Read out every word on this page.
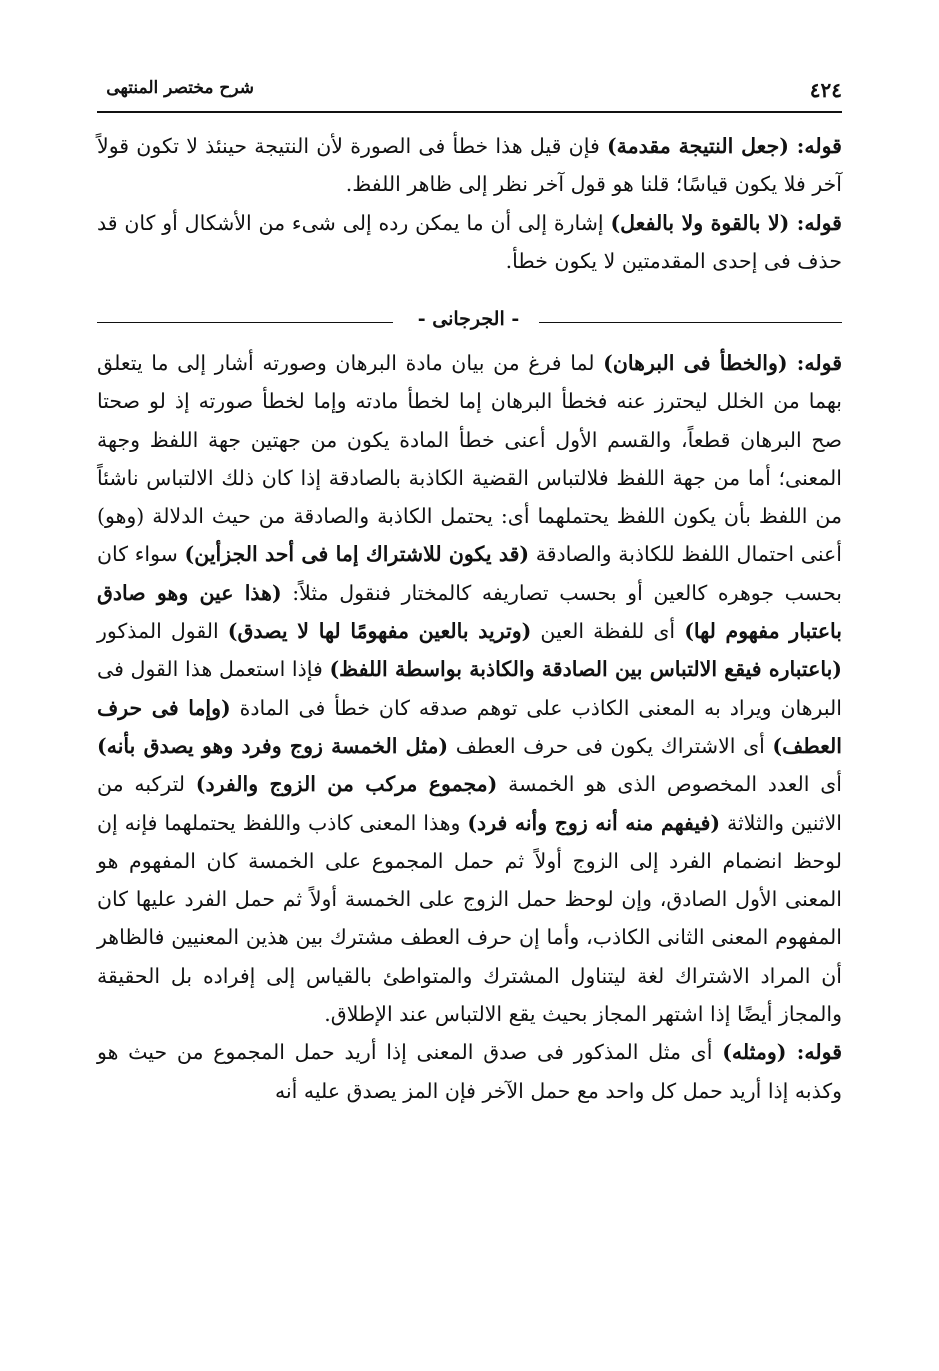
٤٢٤
شرح مختصر المنتهى

قوله: (جعل النتيجة مقدمة) فإن قيل هذا خطأ فى الصورة لأن النتيجة حينئذ لا تكون قولاً آخر فلا يكون قياسًا؛ قلنا هو قول آخر نظر إلى ظاهر اللفظ.

قوله: (لا بالقوة ولا بالفعل) إشارة إلى أن ما يمكن رده إلى شىء من الأشكال أو كان قد حذف فى إحدى المقدمتين لا يكون خطأ.

- الجرجانى -

قوله: (والخطأ فى البرهان) لما فرغ من بيان مادة البرهان وصورته أشار إلى ما يتعلق بهما من الخلل ليحترز عنه فخطأ البرهان إما لخطأ مادته وإما لخطأ صورته إذ لو صحتا صح البرهان قطعاً، والقسم الأول أعنى خطأ المادة يكون من جهتين جهة اللفظ وجهة المعنى؛ أما من جهة اللفظ فلالتباس القضية الكاذبة بالصادقة إذا كان ذلك الالتباس ناشئاً من اللفظ بأن يكون اللفظ يحتملهما أى: يحتمل الكاذبة والصادقة من حيث الدلالة (وهو) أعنى احتمال اللفظ للكاذبة والصادقة (قد يكون للاشتراك إما فى أحد الجزأين) سواء كان بحسب جوهره كالعين أو بحسب تصاريفه كالمختار فنقول مثلاً: (هذا عين وهو صادق باعتبار مفهوم لها) أى للفظة العين (وتريد بالعين مفهومًا لها لا يصدق) القول المذكور (باعتباره فيقع الالتباس بين الصادقة والكاذبة بواسطة اللفظ) فإذا استعمل هذا القول فى البرهان ويراد به المعنى الكاذب على توهم صدقه كان خطأ فى المادة (وإما فى حرف العطف) أى الاشتراك يكون فى حرف العطف (مثل الخمسة زوج وفرد وهو يصدق بأنه) أى العدد المخصوص الذى هو الخمسة (مجموع مركب من الزوج والفرد) لتركبه من الاثنين والثلاثة (فيفهم منه أنه زوج وأنه فرد) وهذا المعنى كاذب واللفظ يحتملهما فإنه إن لوحظ انضمام الفرد إلى الزوج أولاً ثم حمل المجموع على الخمسة كان المفهوم هو المعنى الأول الصادق، وإن لوحظ حمل الزوج على الخمسة أولاً ثم حمل الفرد عليها كان المفهوم المعنى الثانى الكاذب، وأما إن حرف العطف مشترك بين هذين المعنيين فالظاهر أن المراد الاشتراك لغة ليتناول المشترك والمتواطئ بالقياس إلى إفراده بل الحقيقة والمجاز أيضًا إذا اشتهر المجاز بحيث يقع الالتباس عند الإطلاق.

قوله: (ومثله) أى مثل المذكور فى صدق المعنى إذا أريد حمل المجموع من حيث هو وكذبه إذا أريد حمل كل واحد مع حمل الآخر فإن المز يصدق عليه أنه
